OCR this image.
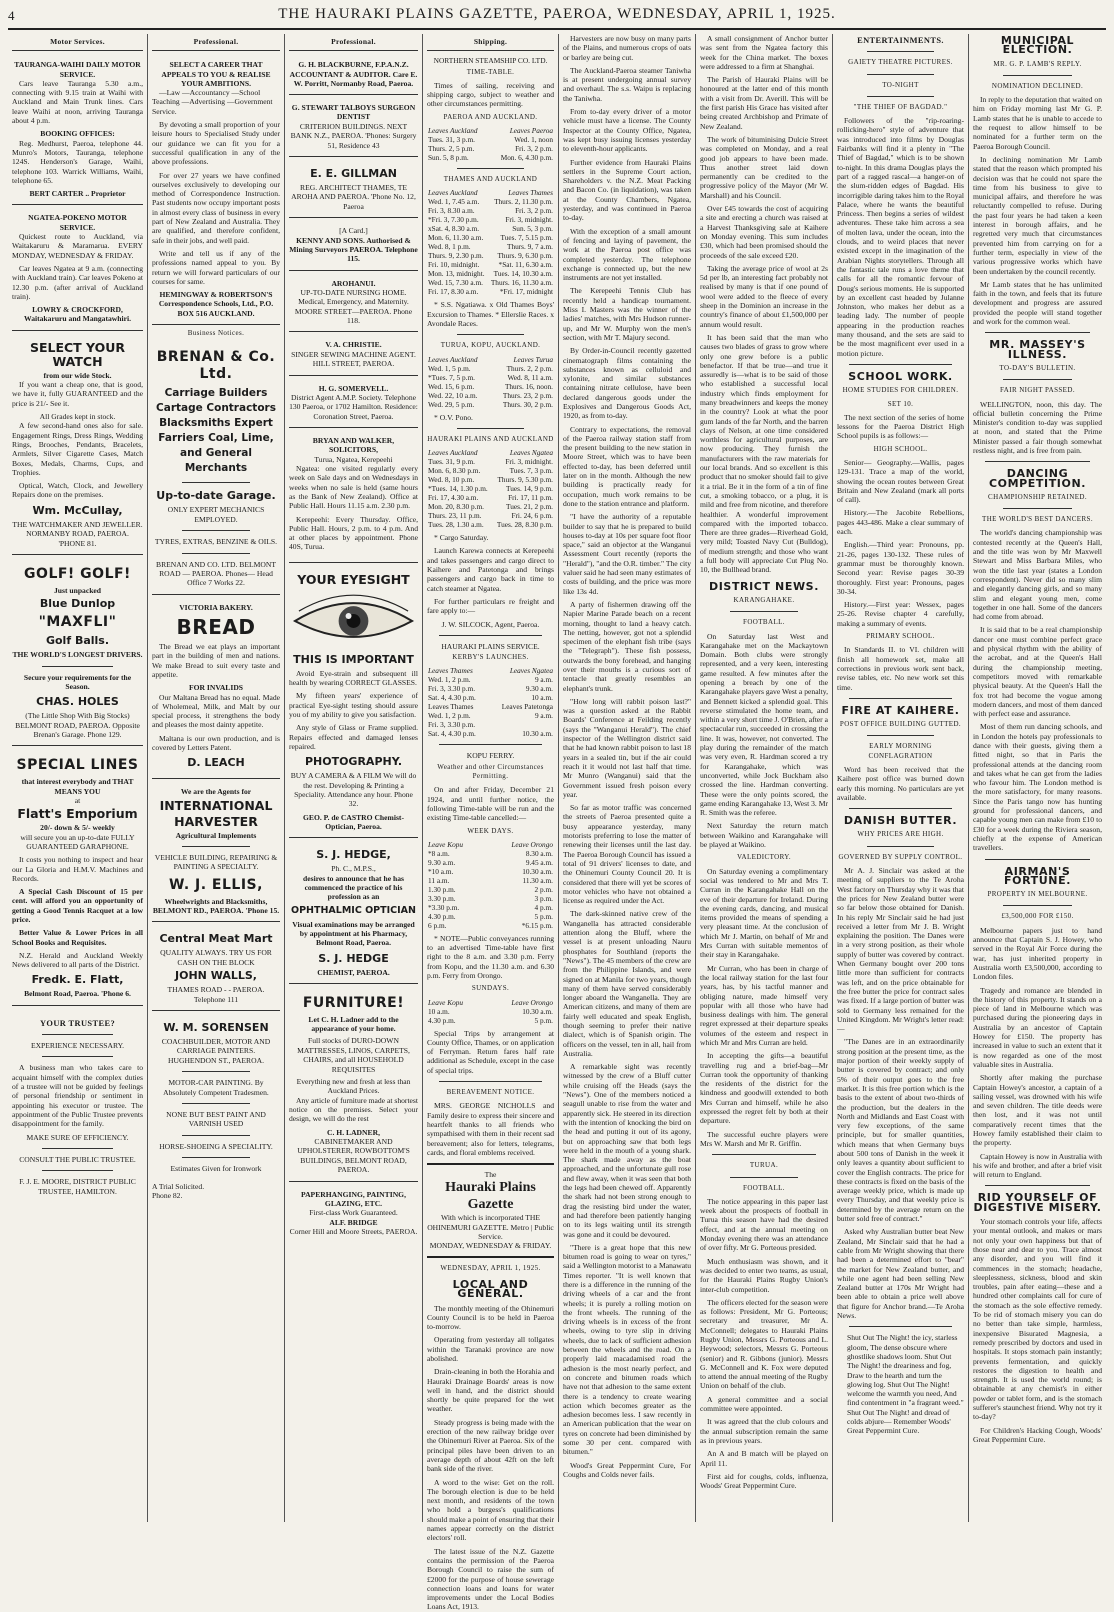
4	THE HAURAKI PLAINS GAZETTE, PAEROA, WEDNESDAY, APRIL 1, 1925.
Motor Services.
TAURANGA-WAIHI DAILY MOTOR SERVICE.

Cars leave Tauranga 5.30 a.m., connecting with 9.15 train at Waihi with Auckland and Main Trunk lines. Cars leave Waihi at noon, arriving Tauranga about 4 p.m.

BOOKING OFFICES:

Reg. Medhurst, Paeroa, telephone 44. Munro's Motors, Tauranga, telephone 124S. Henderson's Garage, Waihi, telephone 103. Warrick Williams, Waihi, telephone 65.

BERT CARTER .. Proprietor
NGATEA-POKENO MOTOR SERVICE.

Quickest route to Auckland, via Waitakaruru & Maramarua. EVERY MONDAY, WEDNESDAY & FRIDAY.

Car leaves Ngatea at 9 a.m. (connecting with Auckland train). Car leaves Pokeno at 12.30 p.m. (after arrival of Auckland train).

LOWRY & CROCKFORD, Waitakaruru and Mangatawhiri.
SELECT YOUR WATCH
from our wide Stock.

If you want a cheap one, that is good, we have it, fully GUARANTEED and the price is 21/- See it.

All Grades kept in stock.

A few second-hand ones also for sale. Engagement Rings, Dress Rings, Wedding Rings, Brooches, Pendants, Bracelets, Armlets, Silver Cigarette Cases, Match Boxes, Medals, Charms, Cups, and Trophies.

Optical, Watch, Clock, and Jewellery Repairs done on the premises.

Wm. McCullay,
THE WATCHMAKER AND JEWELLER. NORMANBY ROAD, PAEROA. 'PHONE 81.
GOLF! GOLF!
Just unpacked
Blue Dunlop
"MAXFLI"
Golf Balls.
THE WORLD'S LONGEST DRIVERS.
Secure your requirements for the Season.
CHAS. HOLES
(The Little Shop With Big Stocks) BELMONT ROAD, PAEROA. Opposite Brenan's Garage. Phone 129.
SPECIAL LINES
that interest everybody and THAT MEANS YOU
at
Flatt's Emporium
20/- down & 5/- weekly

will secure you an up-to-date FULLY GUARANTEED GARAPHONE.

It costs you nothing to inspect and hear our La Gloria and H.M.V. Machines and Records.

A Special Cash Discount of 15 per cent. will afford you an opportunity of getting a Good Tennis Racquet at a low price.

Better Value & Lower Prices in all School Books and Requisites.

N.Z. Herald and Auckland Weekly News delivered to all parts of the District.

Fredk. E. Flatt,
Belmont Road, Paeroa. 'Phone 6.
YOUR TRUSTEE?
EXPERIENCE NECESSARY.

A business man who takes care to acquaint himself with the complex duties of a trustee will not be guided by feelings of personal friendship or sentiment in appointing his executor or trustee. The appointment of the Public Trustee prevents disappointment for the family.

MAKE SURE OF EFFICIENCY.
CONSULT THE PUBLIC TRUSTEE.
F. J. E. MOORE, DISTRICT PUBLIC TRUSTEE, HAMILTON.
Professional.
SELECT A CAREER THAT APPEALS TO YOU & REALISE YOUR AMBITIONS.

—Law —Accountancy —School Teaching —Advertising —Government Service.

By devoting a small proportion of your leisure hours to Specialised Study under our guidance we can fit you for a successful qualification in any of the above professions.

For over 27 years we have confined ourselves exclusively to developing our method of Correspondence Instruction. Past students now occupy important posts in almost every class of business in every part of New Zealand and Australia. They are qualified, and therefore confident, safe in their jobs, and well paid.

Write and tell us if any of the professions named appeal to you. By return we will forward particulars of our courses for same.

HEMINGWAY & ROBERTSON'S Correspondence Schools, Ltd., P.O. BOX 516 AUCKLAND.
Business Notices.
BRENAN & Co. Ltd.
Carriage Builders Cartage Contractors Blacksmiths Expert Farriers Coal, Lime, and General Merchants
Up-to-date Garage.
ONLY EXPERT MECHANICS EMPLOYED.
TYRES, EXTRAS, BENZINE & OILS.
BRENAN AND CO. LTD. BELMONT ROAD — PAEROA. Phones— Head Office 7 Works 22.
VICTORIA BAKERY.
BREAD

The Bread we eat plays an important part in the building of men and nations. We make Bread to suit every taste and appetite.

FOR INVALIDS

Our Maltana Bread has no equal. Made of Wholemeal, Milk, and Malt by our special process, it strengthens the body and pleases the most dainty appetite.

Maltana is our own production, and is covered by Letters Patent.

D. LEACH
We are the Agents for
INTERNATIONAL
HARVESTER
Agricultural Implements
VEHICLE BUILDING, REPAIRING & PAINTING A SPECIALTY.
W. J. ELLIS,
Wheelwrights and Blacksmiths, BELMONT RD., PAEROA. 'Phone 15.
Central Meat Mart
QUALITY ALWAYS. TRY US FOR CASH ON THE BLOCK
JOHN WALLS,
THAMES ROAD - - PAEROA. Telephone 111
W. M. SORENSEN
COACHBUILDER, MOTOR AND CARRIAGE PAINTERS. HUGHENDON ST., PAEROA.
MOTOR-CAR PAINTING. By Absolutely Competent Tradesmen.
NONE BUT BEST PAINT AND VARNISH USED
HORSE-SHOEING A SPECIALITY.
Estimates Given for Ironwork
A Trial Solicited.
Phone 82.
Professional.
G. H. BLACKBURNE, F.P.A.N.Z. ACCOUNTANT & AUDITOR. Care E. W. Porritt, Normanby Road, Paeroa.
G. STEWART TALBOYS SURGEON DENTIST
CRITERION BUILDINGS. NEXT BANK N.Z., PAEROA. 'Phones: Surgery 51, Residence 43
E. E. GILLMAN
REG. ARCHITECT THAMES, TE AROHA AND PAEROA. 'Phone No. 12, Paeroa
[A Card.]
KENNY AND SONS. Authorised & Mining Surveyors PAEROA. Telephone 115.
AROHANUI.
UP-TO-DATE NURSING HOME. Medical, Emergency, and Maternity. MOORE STREET—PAEROA. Phone 118.
V. A. CHRISTIE.
SINGER SEWING MACHINE AGENT. HILL STREET, PAEROA.
H. G. SOMERVELL.
District Agent A.M.P. Society. Telephone 130 Paeroa, or 1702 Hamilton. Residence: Coronation Street, Paeroa.
BRYAN AND WALKER, SOLICITORS,
Turua, Ngatea, Kerepeehi

Ngatea: one visited regularly every week on Sale days and on Wednesdays in weeks when no sale is held (same hours as the Bank of New Zealand). Office at Public Hall. Hours 11.15 a.m. 2.30 p.m.

Kerepeehi: Every Thursday. Office, Public Hall. Hours, 2 p.m. to 4 p.m. And at other places by appointment. Phone 40S, Turua.

YOUR EYESIGHT
THIS IS IMPORTANT

Avoid Eye-strain and subsequent ill health by wearing CORRECT GLASSES.

My fifteen years' experience of practical Eye-sight testing should assure you of my ability to give you satisfaction.

Any style of Glass or Frame supplied. Repairs effected and damaged lenses repaired.

PHOTOGRAPHY.
BUY A CAMERA & A FILM We will do the rest. Developing & Printing a Speciality. Attendance any hour. Phone 32.
GEO. P. de CASTRO Chemist-Optician, Paeroa.
S. J. HEDGE,
Ph. C., M.P.S.,
desires to announce that he has commenced the practice of his profession as an
OPHTHALMIC OPTICIAN
Visual examinations may be arranged by appointment at his Pharmacy, Belmont Road, Paeroa.
S. J. HEDGE
CHEMIST, PAEROA.
FURNITURE!
Let C. H. Ladner add to the appearance of your home.
Full stocks of DURO-DOWN MATTRESSES, LINOS, CARPETS, CHAIRS, and all HOUSEHOLD REQUISITES
Everything new and fresh at less than Auckland Prices.

Any article of furniture made at shortest notice on the premises. Select your design, we will do the rest

C. H. LADNER,
CABINETMAKER AND UPHOLSTERER, ROWBOTTOM'S BUILDINGS, BELMONT ROAD, PAEROA.
PAPERHANGING, PAINTING, GLAZING, ETC.
First-class Work Guaranteed.
ALF. BRIDGE
Corner Hill and Moore Streets, PAEROA.
Shipping.
NORTHERN STEAMSHIP CO. LTD.
TIME-TABLE.

Times of sailing, receiving and shipping cargo, subject to weather and other circumstances permitting.

PAEROA AND AUCKLAND.
Leaves Auckland	Leaves Paeroa
Tues. 31, 3 p.m.	Wed. 1, noon
Thurs. 2, 5 p.m.	Fri. 3, 2 p.m.
Sun. 5, 8 p.m.	Mon. 6, 4.30 p.m.
THAMES AND AUCKLAND
Leaves Auckland	Leaves Thames
Wed. 1, 7.45 a.m.	Thurs. 2, 11.30 p.m.
Fri. 3, 8.30 a.m.	Fri. 3, 2 p.m.
*Fri. 3, 7.30 p.m.	Fri. 3, midnight.
xSat. 4, 8.30 a.m.	Sun. 5, 3 p.m.
Mon. 6, 11.30 a.m.	Tues. 7, 5.15 p.m.
Wed. 8, 1 p.m.	Thurs. 9, 7 a.m.
Thurs. 9, 2.30 p.m.	Thurs. 9, 6.30 p.m.
Fri. 10, midnight.	*Sat. 11, 6.30 a.m.
Mon. 13, midnight.	Tues. 14, 10.30 a.m.
Wed. 15, 7.30 a.m.	Thurs. 16, 11.30 a.m.
Fri. 17, 8.30 a.m.	*Fri. 17, midnight

* S.S. Ngatiawa. x Old Thames Boys' Excursion to Thames. * Ellerslie Races. x Avondale Races.

TURUA, KOPU, AUCKLAND.
Leaves Auckland	Leaves Turua
Wed. 1, 5 p.m.	Thurs. 2, 2 p.m.
*Tues. 7, 5 p.m.	Wed. 8, 11 a.m.
Wed. 15, 6 p.m.	Thurs. 16, noon.
Wed. 22, 10 a.m.	Thurs. 23, 2 p.m.
Wed. 29, 5 p.m.	Thurs. 30, 2 p.m.

* O.V. Pono.

HAURAKI PLAINS AND AUCKLAND
Leaves Auckland	Leaves Ngatea
Tues. 31, 9 p.m.	Fri. 3, midnight.
Mon. 6, 8.30 p.m.	Tues. 7, 3 p.m.
Wed. 8, 10 p.m.	Thurs. 9, 5.30 p.m.
*Tues. 14, 1.30 p.m.	Tues. 14, 9 p.m.
Fri. 17, 4.30 a.m.	Fri. 17, 11 p.m.
Mon. 20, 8.30 p.m.	Tues. 21, 2 p.m.
Thurs. 23, 11 p.m.	Fri. 24, 6 p.m.
Tues. 28, 1.30 a.m.	Tues. 28, 8.30 p.m.

* Cargo Saturday.

Launch Karewa connects at Kerepeehi and takes passengers and cargo direct to Kaihere and Patetonga and brings passengers and cargo back in time to catch steamer at Ngatea.

For further particulars re freight and fare apply to:—

J. W. SILCOCK, Agent, Paeroa.
HAURAKI PLAINS SERVICE.
KERBY'S LAUNCHES.
Leaves Thames	Leaves Ngatea
Wed. 1, 2 p.m.	9 a.m.
Fri. 3, 3.30 p.m.	9.30 a.m.
Sat. 4, 4.30 p.m.	10 a.m.
Leaves Thames	Leaves Patetonga
Wed. 1, 2 p.m.	9 a.m.
Fri. 3, 3.30 p.m.	
Sat. 4, 4.30 p.m.	10.30 a.m.
KOPU FERRY.
Weather and other Circumstances Permitting.

On and after Friday, December 21 1924, and until further notice, the following Time-table will be run and the existing Time-table cancelled:—

WEEK DAYS.
Leave Kopu	Leave Orongo
*8 a.m.	8.30 a.m.
9.30 a.m.	9.45 a.m.
*10 a.m.	10.30 a.m.
11 a.m.	11.30 a.m.
1.30 p.m.	2 p.m.
3.30 p.m.	3 p.m.
*3.30 p.m.	4 p.m.
4.30 p.m.	5 p.m.
6 p.m.	*6.15 p.m.

* NOTE—Public conveyances running to an advertised Time-table have first right to the 8 a.m. and 3.30 p.m. Ferry from Kopu, and the 11.30 a.m. and 6.30 p.m. Ferry from Orongo.

SUNDAYS.
Leave Kopu	Leave Orongo
10 a.m.	10.30 a.m.
4.30 p.m.	5 p.m.

Special Trips by arrangement at County Office, Thames, or on application of Ferryman. Return fares half rate additional as Schedule, except in the case of special trips.

BEREAVEMENT NOTICE.

MRS. GEORGE NICHOLLS and Family desire to express their sincere and heartfelt thanks to all friends who sympathised with them in their recent sad bereavement; also for letters, telegrams, cards, and floral emblems received.

The
Hauraki Plains Gazette
With which is incorporated THE OHINEMURI GAZETTE. Metro | Public Service.
MONDAY, WEDNESDAY & FRIDAY.
WEDNESDAY, APRIL 1, 1925.
LOCAL AND GENERAL.

The monthly meeting of the Ohinemuri County Council is to be held in Paeroa to-morrow.

Operating from yesterday all tollgates within the Taranaki province are now abolished.

Drain-cleaning in both the Horahia and Hauraki Drainage Boards' areas is now well in hand, and the district should shortly be quite prepared for the wet weather.

Steady progress is being made with the erection of the new railway bridge over the Ohinemuri River at Paeroa. Six of the principal piles have been driven to an average depth of about 42ft on the left bank side of the river.

A word to the wise: Get on the roll. The borough election is due to be held next month, and residents of the town who hold a burgess's qualifications should make a point of ensuring that their names appear correctly on the district electors' roll.

The latest issue of the N.Z. Gazette contains the permission of the Paeroa Borough Council to raise the sum of £2000 for the purpose of house sewerage connection loans and loans for water improvements under the Local Bodies Loans Act, 1913.

Harvesters are now busy on many parts of the Plains, and numerous crops of oats or barley are being cut.

The Auckland-Paeroa steamer Taniwha is at present undergoing annual survey and overhaul. The s.s. Waipu is replacing the Taniwha.

From to-day every driver of a motor vehicle must have a license. The County Inspector at the County Office, Ngatea, was kept busy issuing licenses yesterday to eleventh-hour applicants.

Further evidence from Hauraki Plains settlers in the Supreme Court action, Shareholders v. the N.Z. Meat Packing and Bacon Co. (in liquidation), was taken at the County Chambers, Ngatea, yesterday, and was continued in Paeroa to-day.

With the exception of a small amount of fencing and laying of pavement, the work at the Paeroa post office was completed yesterday. The telephone exchange is connected up, but the new instruments are not yet installed.

The Kerepeehi Tennis Club has recently held a handicap tournament. Miss I. Masters was the winner of the ladies' matches, with Mrs Hudson runner-up, and Mr W. Murphy won the men's section, with Mr T. Majury second.

By Order-in-Council recently gazetted cinematograph films containing the substances known as celluloid and xylonite, and similar substances containing nitrate cellulose, have been declared dangerous goods under the Explosives and Dangerous Goods Act, 1920, as from to-day.

Contrary to expectations, the removal of the Paeroa railway station staff from the present building to the new station in Moore Street, which was to have been effected to-day, has been deferred until later on in the month. Although the new building is practically ready for occupation, much work remains to be done to the station entrance and platform.

"I have the authority of a reputable builder to say that he is prepared to build houses to-day at 10s per square foot floor space," said an objector at the Wanganui Assessment Court recently (reports the "Herald"), "and the O.R. timber." The city valuer said he had seen many estimates of costs of building, and the price was more like 13s 4d.

A party of fishermen drawing off the Napier Marine Parade beach on a recent morning, thought to land a heavy catch. The netting, however, got not a splendid specimen of the elephant fish tribe (says the "Telegraph"). These fish possess, outwards the bony forehead, and hanging over their mouths is a curious sort of tentacle that greatly resembles an elephant's trunk.

"How long will rabbit poison last?" was a question asked at the Rabbit Boards' Conference at Feilding recently (says the "Wanganui Herald"). The chief inspector of the Wellington district said that he had known rabbit poison to last 18 years in a sealed tin, but if the air could reach it it would not last half that time. Mr Munro (Wanganui) said that the Government issued fresh poison every year.

So far as motor traffic was concerned the streets of Paeroa presented quite a busy appearance yesterday, many motorists preferring to lose the matter of renewing their licenses until the last day. The Paeroa Borough Council has issued a total of 91 drivers' licenses to date, and the Ohinemuri County Council 20. It is considered that there will yet be scores of motor vehicles who have not obtained a license as required under the Act.

The dark-skinned native crew of the Wanganella has attracted considerable attention along the Bluff, where the vessel is at present unloading Nauru phosphates for Southland (reports the "News"). The 45 members of the crew are from the Philippine Islands, and were signed on at Manila for two years, though many of them have served considerably longer aboard the Wanganella. They are American citizens, and many of them are fairly well educated and speak English, though seeming to prefer their native dialect, which is of Spanish origin. The officers on the vessel, ten in all, hail from Australia.

A remarkable sight was recently witnessed by the crew of a Bluff cutter while cruising off the Heads (says the "News"). One of the members noticed a seagull unable to rise from the water and apparently sick. He steered in its direction with the intention of knocking the bird on the head and putting it out of its agony, but on approaching saw that both legs were held in the mouth of a young shark. The shark made away as the boat approached, and the unfortunate gull rose and flew away, when it was seen that both the legs had been chewed off. Apparently the shark had not been strong enough to drag the resisting bird under the water, and had therefore been patiently hanging on to its legs waiting until its strength was gone and it could be devoured.

"There is a great hope that this new bitumen road is going to wear on tyres," said a Wellington motorist to a Manawatu Times reporter. "It is well known that there is a difference in the running of the driving wheels of a car and the front wheels; it is purely a rolling motion on the front wheels. The running of the driving wheels is in excess of the front wheels, owing to tyre slip in driving wheels, due to lack of sufficient adhesion between the wheels and the road. On a properly laid macadamised road the adhesion is the most nearly perfect, and on concrete and bitumen roads which have not that adhesion to the same extent there is a tendency to create wearing action which becomes greater as the adhesion becomes less. I saw recently in an American publication that the wear on tyres on concrete had been diminished by some 30 per cent. compared with bitumen."

Wood's Great Peppermint Cure, For Coughs and Colds never fails.

A small consignment of Anchor butter was sent from the Ngatea factory this week for the China market. The boxes were addressed to a firm at Shanghai.

The Parish of Hauraki Plains will be honoured at the latter end of this month with a visit from Dr. Averill. This will be the first parish His Grace has visited after being created Archbishop and Primate of New Zealand.

The work of bituminising Dulcie Street was completed on Monday, and a real good job appears to have been made. Thus another street laid down permanently can be credited to the progressive policy of the Mayor (Mr W. Marshall) and his Council.

Over £45 towards the cost of acquiring a site and erecting a church was raised at a Harvest Thanksgiving sale at Kaihere on Monday evening. This sum includes £30, which had been promised should the proceeds of the sale exceed £20.

Taking the average price of wool at 2s 5d per lb, an interesting fact probably not realised by many is that if one pound of wool were added to the fleece of every sheep in the Dominion an increase in the country's finance of about £1,500,000 per annum would result.

It has been said that the man who causes two blades of grass to grow where only one grew before is a public benefactor. If that be true—and true it assuredly is—what is to be said of those who established a successful local industry which finds employment for many breadwinners and keeps the money in the country? Look at what the poor gum lands of the far North, and the barren clays of Nelson, at one time considered worthless for agricultural purposes, are now producing. They furnish the manufacturers with the raw materials for our local brands. And so excellent is this product that no smoker should fail to give it a trial. Be it in the form of a tin of fine cut, a smoking tobacco, or a plug, it is mild and free from nicotine, and therefore healthier. A wonderful improvement compared with the imported tobacco. There are three grades—Riverhead Gold, very mild; Toasted Navy Cut (Bulldog), of medium strength; and those who want a full body will appreciate Cut Plug No. 10, the Bullhead brand.

DISTRICT NEWS.
KARANGAHAKE.
FOOTBALL.

On Saturday last West and Karangahake met on the Mackaytown Domain. Both clubs were strongly represented, and a very keen, interesting game resulted. A few minutes after the opening a breach by one of the Karangahake players gave West a penalty, and Bennett kicked a splendid goal. This reverse stimulated the home team, and within a very short time J. O'Brien, after a spectacular run, succeeded in crossing the line. It was, however, not converted. The play during the remainder of the match was very even, R. Hardman scored a try for Karangahake, which was unconverted, while Jock Buckham also crossed the line. Hardman converting. These were the only points scored, the game ending Karangahake 13, West 3. Mr R. Smith was the referee.

Next Saturday the return match between Waikino and Karangahake will be played at Waikino.

VALEDICTORY.

On Saturday evening a complimentary social was tendered to Mr and Mrs T. Curran in the Karangahake Hall on the eve of their departure for Ireland. During the evening cards, dancing, and musical items provided the means of spending a very pleasant time. At the conclusion of which Mr J. Martin, on behalf of Mr and Mrs Curran with suitable mementos of their stay in Karangahake.

Mr Curran, who has been in charge of the local railway station for the last four years, has, by his tactful manner and obliging nature, made himself very popular with all those who have had business dealings with him. The general regret expressed at their departure speaks volumes of the esteem and respect in which Mr and Mrs Curran are held.

In accepting the gifts—a beautiful travelling rug and a brief-bag—Mr Curran took the opportunity of thanking the residents of the district for the kindness and goodwill extended to both Mrs Curran and himself, while he also expressed the regret felt by both at their departure.

The successful euchre players were Mrs W. Marsh and Mr R. Griffin.

TURUA.
FOOTBALL.

The notice appearing in this paper last week about the prospects of football in Turua this season have had the desired effect, and at the annual meeting on Monday evening there was an attendance of over fifty. Mr G. Porteous presided.

Much enthusiasm was shown, and it was decided to enter two teams, as usual, for the Hauraki Plains Rugby Union's inter-club competition.

The officers elected for the season were as follows: President, Mr G. Porteous; secretary and treasurer, Mr A. McConnell; delegates to Hauraki Plains Rugby Union, Messrs G. Porteous and L. Heywood; selectors, Messrs G. Porteous (senior) and R. Gibbons (junior). Messrs G. McConnell and K. Fox were deputed to attend the annual meeting of the Rugby Union on behalf of the club.

A general committee and a social committee were appointed.

It was agreed that the club colours and the annual subscription remain the same as in previous years.

An A and B match will be played on April 11.

First aid for coughs, colds, influenza, Woods' Great Peppermint Cure.

ENTERTAINMENTS.
GAIETY THEATRE PICTURES.
TO-NIGHT
"THE THIEF OF BAGDAD."

Followers of the "rip-roaring-rollicking-hero" style of adventure that was introduced into films by Douglas Fairbanks will find it a plenty in "The Thief of Bagdad," which is to be shown to-night. In this drama Douglas plays the part of a ragged rascal—a hanger-on of the slum-ridden edges of Bagdad. His incorrigible daring takes him to the Royal Palace, where he wants the beautiful Princess. Then begins a series of wildest adventures. These take him across a sea of molten lava, under the ocean, into the clouds, and to weird places that never existed except in the imagination of the Arabian Nights storytellers. Through all the fantastic tale runs a love theme that calls for all the romantic fervour of Doug's serious moments. He is supported by an excellent cast headed by Julanne Johnston, who makes her debut as a leading lady. The number of people appearing in the production reaches many thousand, and the sets are said to be the most magnificent ever used in a motion picture.

SCHOOL WORK.
HOME STUDIES FOR CHILDREN.
SET 10.

The next section of the series of home lessons for the Paeroa District High School pupils is as follows:—

HIGH SCHOOL.

Senior— Geography.—Wallis, pages 129-131. Trace a map of the world, showing the ocean routes between Great Britain and New Zealand (mark all ports of call).

History.—The Jacobite Rebellions, pages 443-486. Make a clear summary of each.

English.—Third year: Pronouns, pp. 21-26, pages 130-132. These rules of grammar must be thoroughly known. Second year: Revise pages 30-39 thoroughly. First year: Pronouns, pages 30-34.

History.—First year: Wessex, pages 25-26. Revise chapter 4 carefully, making a summary of events.

PRIMARY SCHOOL.

In Standards II. to VI. children will finish all homework set, make all corrections in previous work sent back, revise tables, etc. No new work set this time.

FIRE AT KAIHERE.
POST OFFICE BUILDING GUTTED.
EARLY MORNING CONFLAGRATION

Word has been received that the Kaihere post office was burned down early this morning. No particulars are yet available.

DANISH BUTTER.
WHY PRICES ARE HIGH.
GOVERNED BY SUPPLY CONTROL.

Mr A. J. Sinclair was asked at the meeting of suppliers to the Te Aroha West factory on Thursday why it was that the prices for New Zealand butter were so far below those obtained for Danish. In his reply Mr Sinclair said he had just received a letter from Mr J. B. Wright explaining the position. The Danes were in a very strong position, as their whole supply of butter was covered by contract. When Germany bought over 200 tons little more than sufficient for contracts was left, and on the price obtainable for the free butter the price for contract sales was fixed. If a large portion of butter was sold to Germany less remained for the United Kingdom. Mr Wright's letter read:—

"The Danes are in an extraordinarily strong position at the present time, as the major portion of their weekly supply of butter is covered by contract; and only 5% of their output goes to the free market. It is this free portion which is the basis to the extent of about two-thirds of the production, but the dealers in the North and Midlands and East Coast with very few exceptions, of the same principle, but for smaller quantities, which means that when Germany buys about 500 tons of Danish in the week it only leaves a quantity about sufficient to cover the English contracts. The price for these contracts is fixed on the basis of the average weekly price, which is made up every Thursday, and that weekly price is determined by the average return on the butter sold free of contract."

Asked why Australian butter beat New Zealand, Mr Sinclair said that he had a cable from Mr Wright showing that there had been a determined effort to "bear" the market for New Zealand butter, and while one agent had been selling New Zealand butter at 170s Mr Wright had been able to obtain a price well above that figure for Anchor brand.—Te Aroha News.

Shut Out The Night! the icy, starless gloom, The dense obscure where ghostlike shadows loom. Shut Out The Night! the dreariness and fog, Draw to the hearth and turn the glowing log. Shut Out The Night! welcome the warmth you need, And find contentment in "a fragrant weed." Shut Out The Night! and dread of colds abjure— Remember Woods' Great Peppermint Cure.

MUNICIPAL ELECTION.
MR. G. P. LAMB'S REPLY.
NOMINATION DECLINED.

In reply to the deputation that waited on him on Friday morning last Mr G. P. Lamb states that he is unable to accede to the request to allow himself to be nominated for a further term on the Paeroa Borough Council.

In declining nomination Mr Lamb stated that the reason which prompted his decision was that he could not spare the time from his business to give to municipal affairs, and therefore he was reluctantly compelled to refuse. During the past four years he had taken a keen interest in borough affairs, and he regretted very much that circumstances prevented him from carrying on for a further term, especially in view of the various progressive works which have been undertaken by the council recently.

Mr Lamb states that he has unlimited faith in the town, and feels that its future development and progress are assured provided the people will stand together and work for the common weal.

MR. MASSEY'S ILLNESS.
TO-DAY'S BULLETIN.
FAIR NIGHT PASSED.

WELLINGTON, noon, this day. The official bulletin concerning the Prime Minister's condition to-day was supplied at noon, and stated that the Prime Minister passed a fair though somewhat restless night, and is free from pain.

DANCING COMPETITION.
CHAMPIONSHIP RETAINED.
THE WORLD'S BEST DANCERS.

The world's dancing championship was contested recently at the Queen's Hall, and the title was won by Mr Maxwell Stewart and Miss Barbara Miles, who won the title last year (states a London correspondent). Never did so many slim and elegantly dancing girls, and so many slim and elegant young men, come together in one hall. Some of the dancers had come from abroad.

It is said that to be a real championship dancer one must combine perfect grace and physical rhythm with the ability of the acrobat, and at the Queen's Hall during the championship meeting, competitors moved with remarkable physical beauty. At the Queen's Hall the fox trot had become the vogue among modern dancers, and most of them danced with perfect ease and assurance.

Most of them run dancing schools, and in London the hotels pay professionals to dance with their guests, giving them a fitted night, so that in Paris the professional attends at the dancing room and takes what he can get from the ladies who favour him. The London method is the more satisfactory, for many reasons. Since the Paris tango now has hunting ground for professional dancers, and capable young men can make from £10 to £30 for a week during the Riviera season, chiefly at the expense of American travellers.

AIRMAN'S FORTUNE.
PROPERTY IN MELBOURNE.
£3,500,000 FOR £150.

Melbourne papers just to hand announce that Captain S. J. Howey, who served in the Royal Air Force during the war, has just inherited property in Australia worth £3,500,000, according to London files.

Tragedy and romance are blended in the history of this property. It stands on a piece of land in Melbourne which was purchased during the pioneering days in Australia by an ancestor of Captain Howey for £150. The property has increased in value to such an extent that it is now regarded as one of the most valuable sites in Australia.

Shortly after making the purchase Captain Howey's ancestor, a captain of a sailing vessel, was drowned with his wife and seven children. The title deeds were then lost, and it was not until comparatively recent times that the Howey family established their claim to the property.

Captain Howey is now in Australia with his wife and brother, and after a brief visit will return to England.

RID YOURSELF OF DIGESTIVE MISERY.

Your stomach controls your life, affects your mental outlook, and makes or mars not only your own happiness but that of those near and dear to you. Trace almost any disorder, and you will find it commences in the stomach; headache, sleeplessness, sickness, blood and skin troubles, pain after eating—these and a hundred other complaints call for cure of the stomach as the sole effective remedy. To be rid of stomach misery you can do no better than take simple, harmless, inexpensive Bisurated Magnesia, a remedy prescribed by doctors and used in hospitals. It stops stomach pain instantly; prevents fermentation, and quickly restores the digestion to health and strength. It is used the world round; is obtainable at any chemist's in either powder or tablet form, and is the stomach sufferer's staunchest friend. Why not try it to-day?

For Children's Hacking Cough, Woods' Great Peppermint Cure.
